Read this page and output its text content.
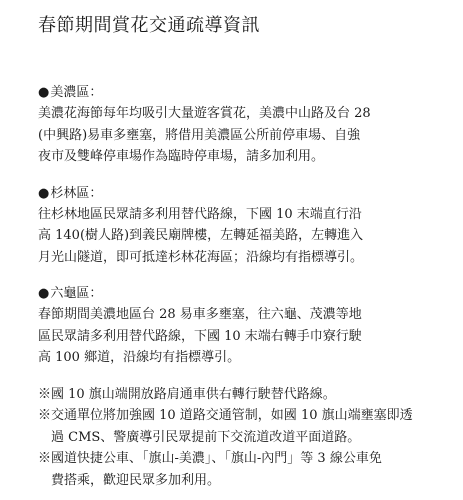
春節期間賞花交通疏導資訊

●美濃區：

美濃花海節每年均吸引大量遊客賞花，美濃中山路及台 28

(中興路)易車多壅塞，將借用美濃區公所前停車場、自強

夜市及雙峰停車場作為臨時停車場，請多加利用。

●杉林區：

往杉林地區民眾請多利用替代路線，下國 10 末端直行沿

高 140(樹人路)到義民廟牌樓，左轉延福美路，左轉進入

月光山隧道，即可抵達杉林花海區；沿線均有指標導引。

●六龜區：

春節期間美濃地區台 28 易車多壅塞，往六龜、茂濃等地

區民眾請多利用替代路線，下國 10 末端右轉手巾寮行駛

高 100 鄉道，沿線均有指標導引。

※國 10 旗山端開放路肩通車供右轉行駛替代路線。

※交通單位將加強國 10 道路交通管制，如國 10 旗山端壅塞即透

　過 CMS、警廣導引民眾提前下交流道改道平面道路。

※國道快捷公車、「旗山-美濃」、「旗山-內門」等 3 線公車免

　費搭乘，歡迎民眾多加利用。
